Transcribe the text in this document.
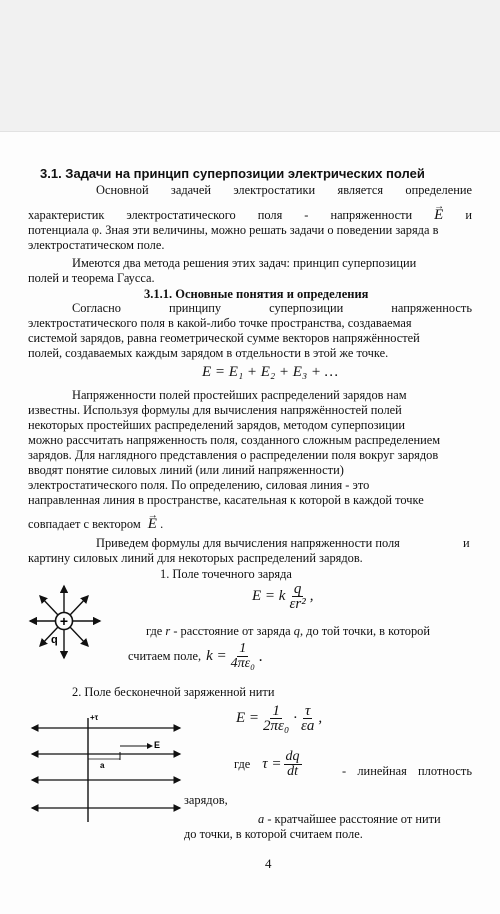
3.1. Задачи на принцип суперпозиции электрических полей
Основной задачей электростатики является определение
характеристик электростатического поля - напряженности → E и
потенциала φ. Зная эти величины, можно решать задачи о поведении заряда в
электростатическом поле.
Имеются два метода решения этих задач: принцип суперпозиции
полей и теорема Гаусса.
3.1.1. Основные понятия и определения
Согласно	принципу	суперпозиции	напряженность
электростатического поля в какой-либо точке пространства, создаваемая
системой зарядов, равна геометрической сумме векторов напряжённостей
полей, создаваемых каждым зарядом в отдельности в этой же точке.
E = E₁ + E₂ + E₃ + …
Напряженности полей простейших распределений зарядов нам
известны. Используя формулы для вычисления напряжённостей полей
некоторых простейших распределений зарядов, методом суперпозиции
можно рассчитать напряженность поля, созданного сложным распределением
зарядов. Для наглядного представления о распределении поля вокруг зарядов
вводят понятие силовых линий (или линий напряженности)
электростатического поля. По определению, силовая линия - это
направленная линия в пространстве, касательная к которой в каждой точке
совпадает с вектором → E .
Приведем формулы для вычисления напряженности поля	и
картину силовых линий для некоторых распределений зарядов.
1. Поле точечного заряда
+
q
E = k $\frac{q}{\text{εr²}}$ ,
где r - расстояние от заряда q, до той точки, в которой
считаем поле, $k = \frac{1}{\text{4πε₀}}$ .
2. Поле бесконечной заряженной нити
+τ
E
a
$E = \frac{1}{\text{2πε₀}} \cdot \frac{\tau}{\varepsilon a}$ ,
где $\tau = \frac{dq}{dt}$	- линейная плотность
зарядов,
a - кратчайшее расстояние от нити
до точки, в которой считаем поле.
4
